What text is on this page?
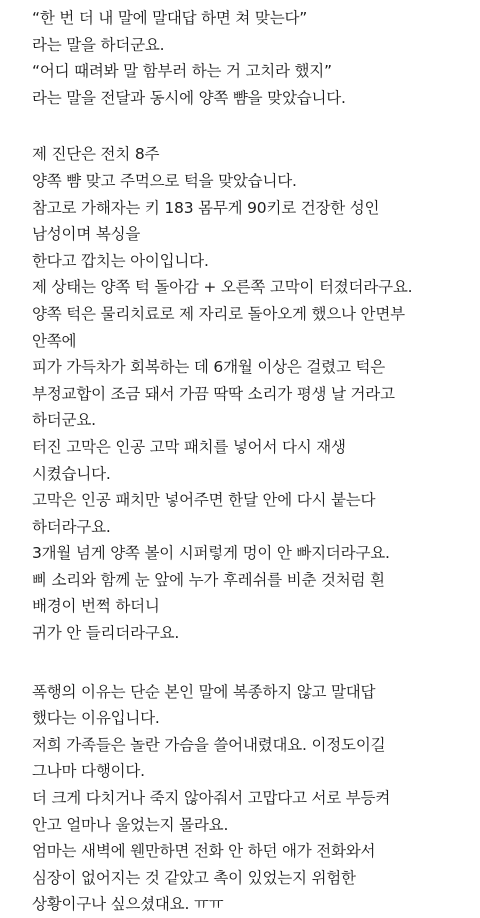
“한 번 더 내 말에 말대답 하면 쳐 맞는다”
라는 말을 하더군요.
“어디 때려봐 말 함부러 하는 거 고치라 했지”
라는 말을 전달과 동시에 양쪽 뺨을 맞았습니다.
제 진단은 전치 8주
양쪽 뺨 맞고 주먹으로 턱을 맞았습니다.
참고로 가해자는 키 183 몸무게 90키로 건장한 성인
남성이며 복싱을
한다고 깝치는 아이입니다.
제 상태는 양쪽 턱 돌아감 + 오른쪽 고막이 터졌더라구요.
양쪽 턱은 물리치료로 제 자리로 돌아오게 했으나 안면부
안쪽에
피가 가득차가 회복하는 데 6개월 이상은 걸렸고 턱은
부정교합이 조금 돼서 가끔 딱딱 소리가 평생 날 거라고
하더군요.
터진 고막은 인공 고막 패치를 넣어서 다시 재생
시켰습니다.
고막은 인공 패치만 넣어주면 한달 안에 다시 붙는다
하더라구요.
3개월 넘게 양쪽 볼이 시퍼렇게 멍이 안 빠지더라구요.
삐 소리와 함께 눈 앞에 누가 후레쉬를 비춘 것처럼 흰
배경이 번쩍 하더니
귀가 안 들리더라구요.
폭행의 이유는 단순 본인 말에 복종하지 않고 말대답
했다는 이유입니다.
저희 가족들은 놀란 가슴을 쓸어내렸대요. 이정도이길
그나마 다행이다.
더 크게 다치거나 죽지 않아줘서 고맙다고 서로 부등켜
안고 얼마나 울었는지 몰라요.
엄마는 새벽에 웬만하면 전화 안 하던 애가 전화와서
심장이 없어지는 것 같았고 촉이 있었는지 위험한
상황이구나 싶으셨대요. ㅠㅠ
